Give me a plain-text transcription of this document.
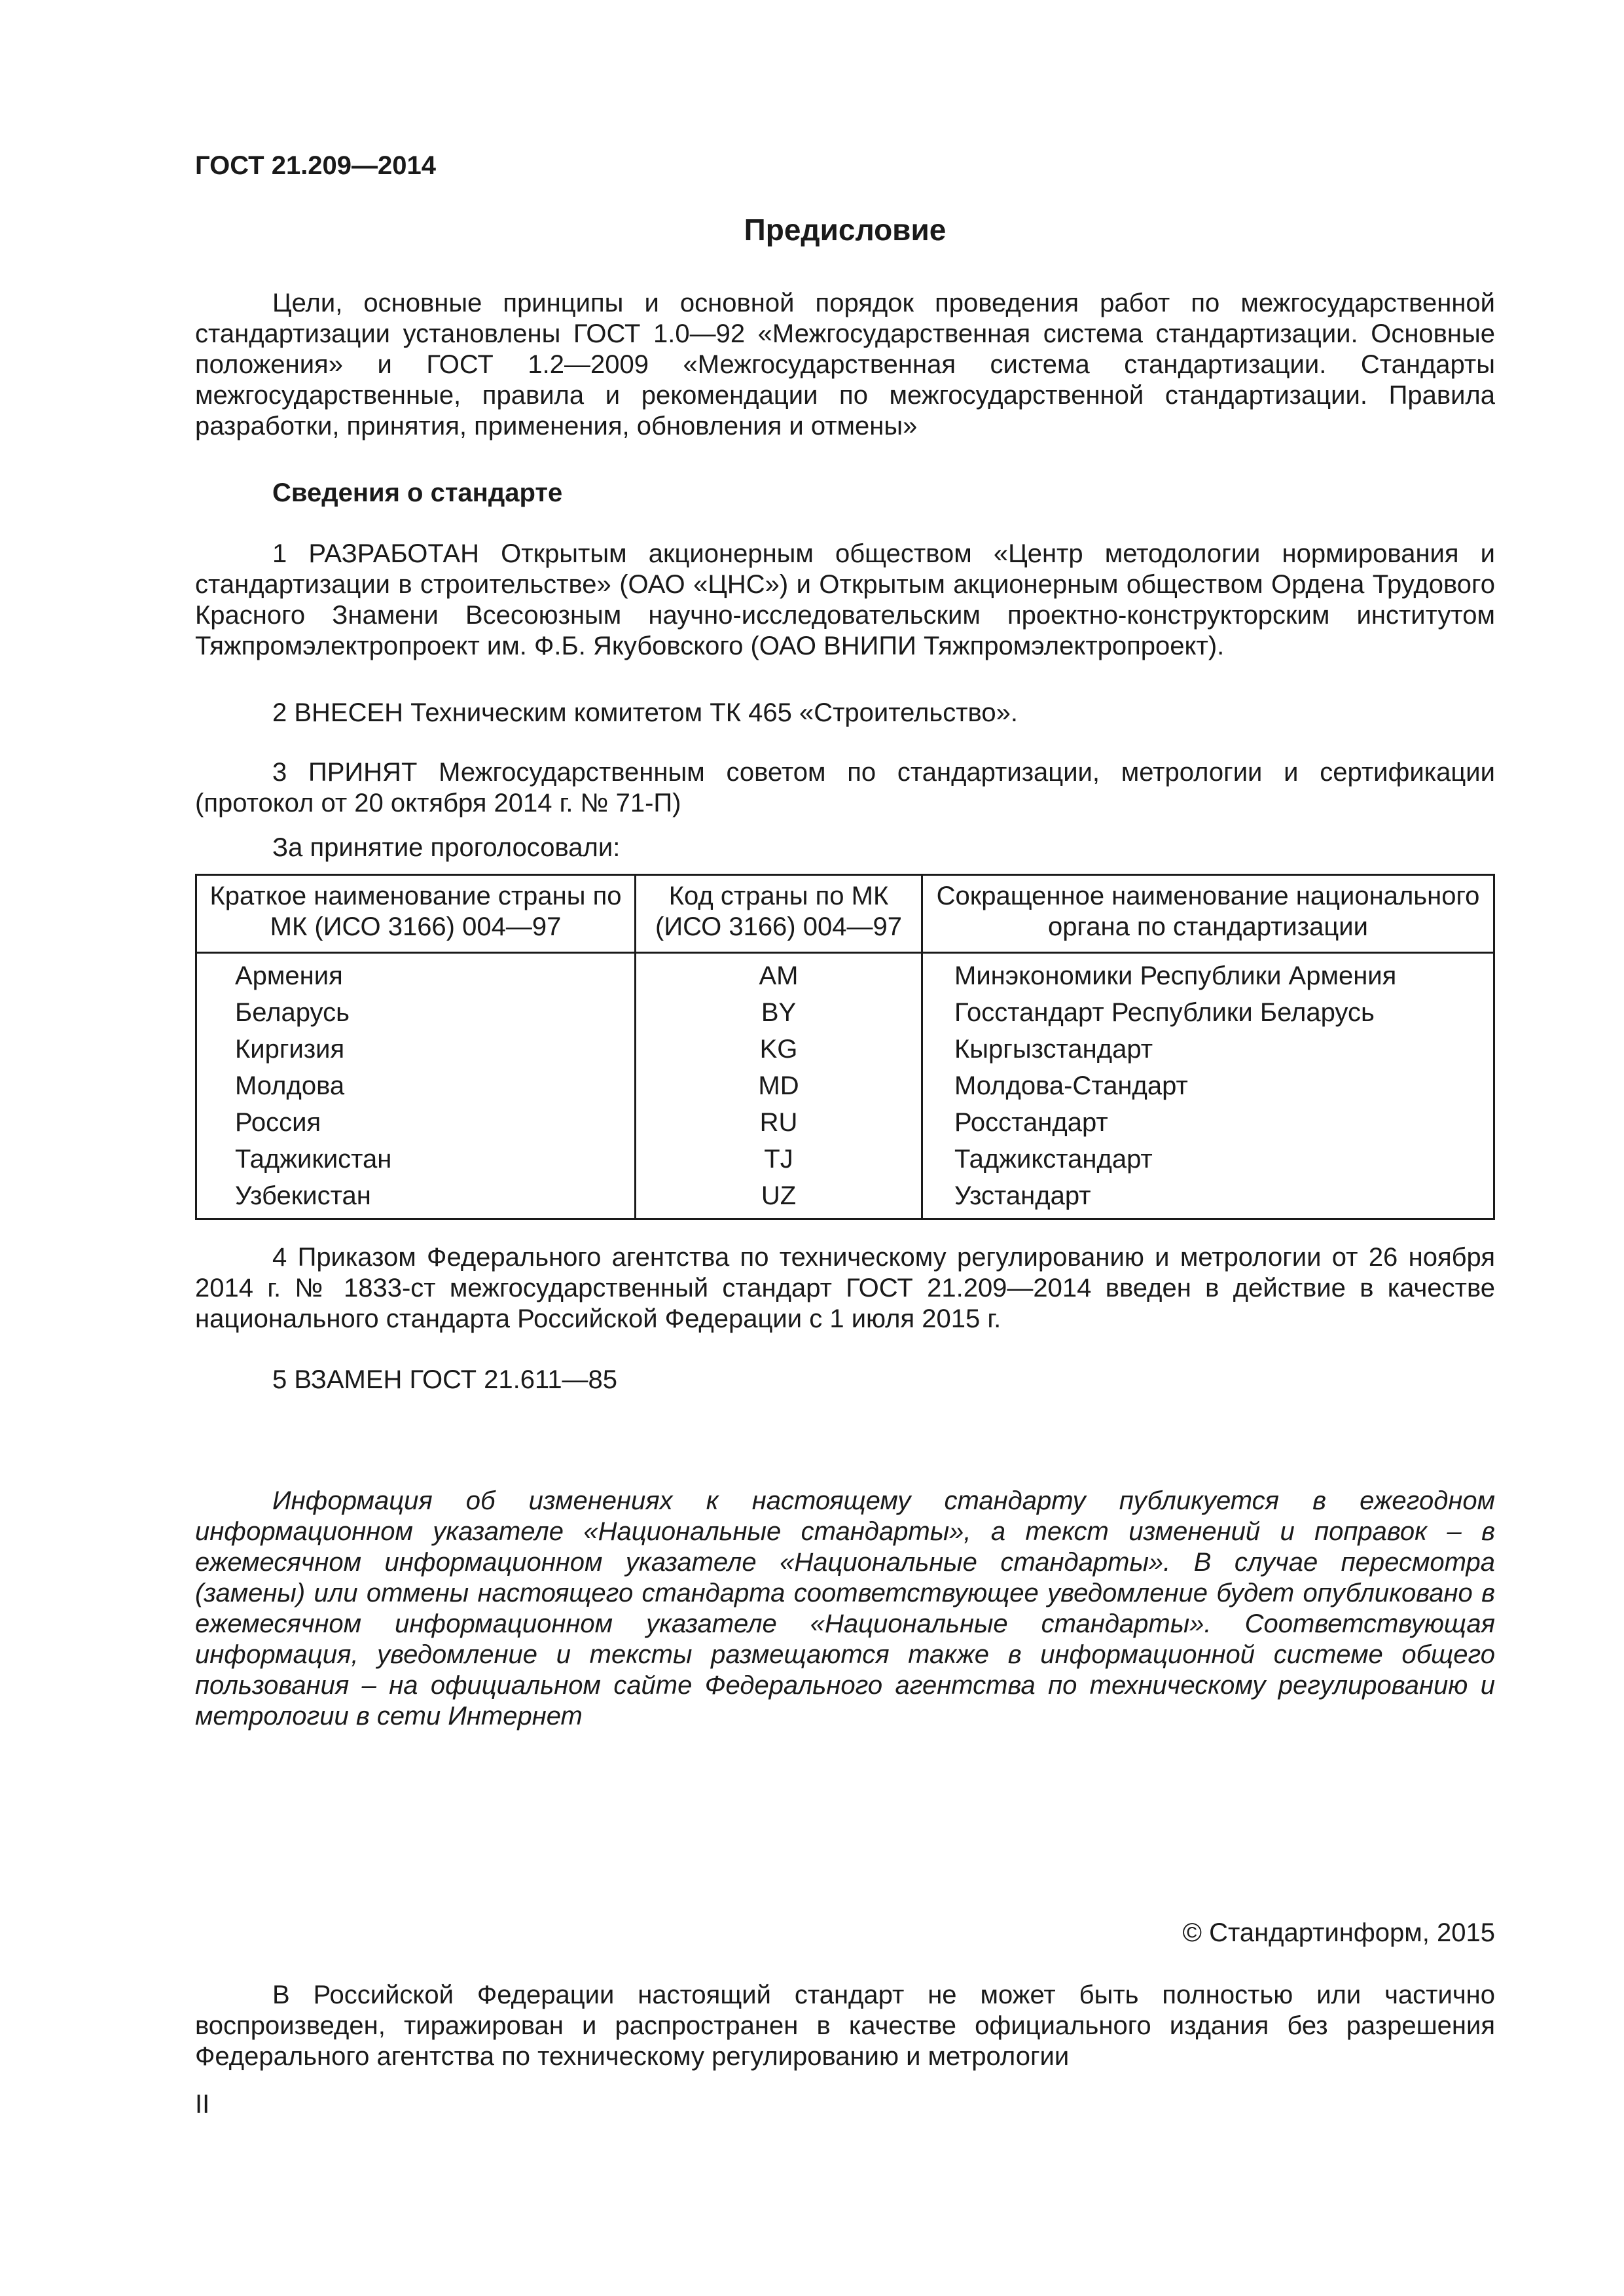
ГОСТ 21.209—2014
Предисловие

Цели, основные принципы и основной порядок проведения работ по межгосударственной стандартизации установлены ГОСТ 1.0—92 «Межгосударственная система стандартизации. Основные положения» и ГОСТ 1.2—2009 «Межгосударственная система стандартизации. Стандарты межгосударственные, правила и рекомендации по межгосударственной стандартизации. Правила разработки, принятия, применения, обновления и отмены»

Сведения о стандарте

1 РАЗРАБОТАН Открытым акционерным обществом «Центр методологии нормирования и стандартизации в строительстве» (ОАО «ЦНС») и Открытым акционерным обществом Ордена Трудового Красного Знамени Всесоюзным научно-исследовательским проектно-конструкторским институтом Тяжпромэлектропроект им. Ф.Б. Якубовского (ОАО ВНИПИ Тяжпромэлектропроект).

2 ВНЕСЕН Техническим комитетом ТК 465 «Строительство».

3 ПРИНЯТ Межгосударственным советом по стандартизации, метрологии и сертификации (протокол от 20 октября 2014 г. № 71-П)

За принятие проголосовали:
Краткое наименование страны по МК (ИСО 3166) 004—97	Код страны по МК (ИСО 3166) 004—97	Сокращенное наименование национального органа по стандартизации
Армения	AM	Минэкономики Республики Армения
Беларусь	BY	Госстандарт Республики Беларусь
Киргизия	KG	Кыргызстандарт
Молдова	MD	Молдова-Стандарт
Россия	RU	Росстандарт
Таджикистан	TJ	Таджикстандарт
Узбекистан	UZ	Узстандарт

4 Приказом Федерального агентства по техническому регулированию и метрологии от 26 ноября 2014 г. № 1833-ст межгосударственный стандарт ГОСТ 21.209—2014 введен в действие в качестве национального стандарта Российской Федерации с 1 июля 2015 г.

5 ВЗАМЕН ГОСТ 21.611—85

Информация об изменениях к настоящему стандарту публикуется в ежегодном информационном указателе «Национальные стандарты», а текст изменений и поправок – в ежемесячном информационном указателе «Национальные стандарты». В случае пересмотра (замены) или отмены настоящего стандарта соответствующее уведомление будет опубликовано в ежемесячном информационном указателе «Национальные стандарты». Соответствующая информация, уведомление и тексты размещаются также в информационной системе общего пользования – на официальном сайте Федерального агентства по техническому регулированию и метрологии в сети Интернет

© Стандартинформ, 2015

В Российской Федерации настоящий стандарт не может быть полностью или частично воспроизведен, тиражирован и распространен в качестве официального издания без разрешения Федерального агентства по техническому регулированию и метрологии

II
